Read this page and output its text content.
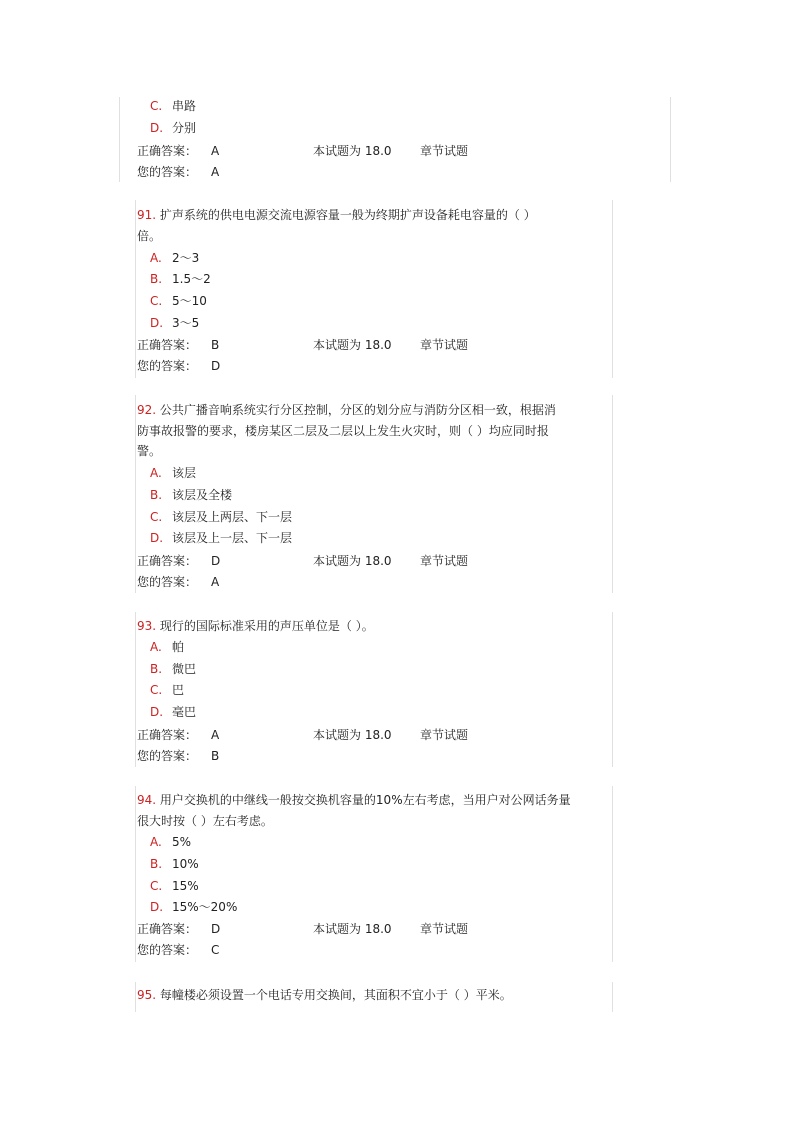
C. 串路
D. 分别
正确答案： A	本试题为 18.0 章节试题
您的答案： A
91. 扩声系统的供电电源交流电源容量一般为终期扩声设备耗电容量的（ ）
倍。
A. 2～3
B. 1.5～2
C. 5～10
D. 3～5
正确答案： B	本试题为 18.0 章节试题
您的答案： D
92. 公共广播音响系统实行分区控制，分区的划分应与消防分区相一致，根据消
防事故报警的要求，楼房某区二层及二层以上发生火灾时，则（ ）均应同时报
警。
A. 该层
B. 该层及全楼
C. 该层及上两层、下一层
D. 该层及上一层、下一层
正确答案： D	本试题为 18.0 章节试题
您的答案： A
93. 现行的国际标准采用的声压单位是（ ）。
A. 帕
B. 微巴
C. 巴
D. 毫巴
正确答案： A	本试题为 18.0 章节试题
您的答案： B
94. 用户交换机的中继线一般按交换机容量的10%左右考虑，当用户对公网话务量
很大时按（ ）左右考虑。
A. 5%
B. 10%
C. 15%
D. 15%～20%
正确答案： D	本试题为 18.0 章节试题
您的答案： C
95. 每幢楼必须设置一个电话专用交换间，其面积不宜小于（ ）平米。
